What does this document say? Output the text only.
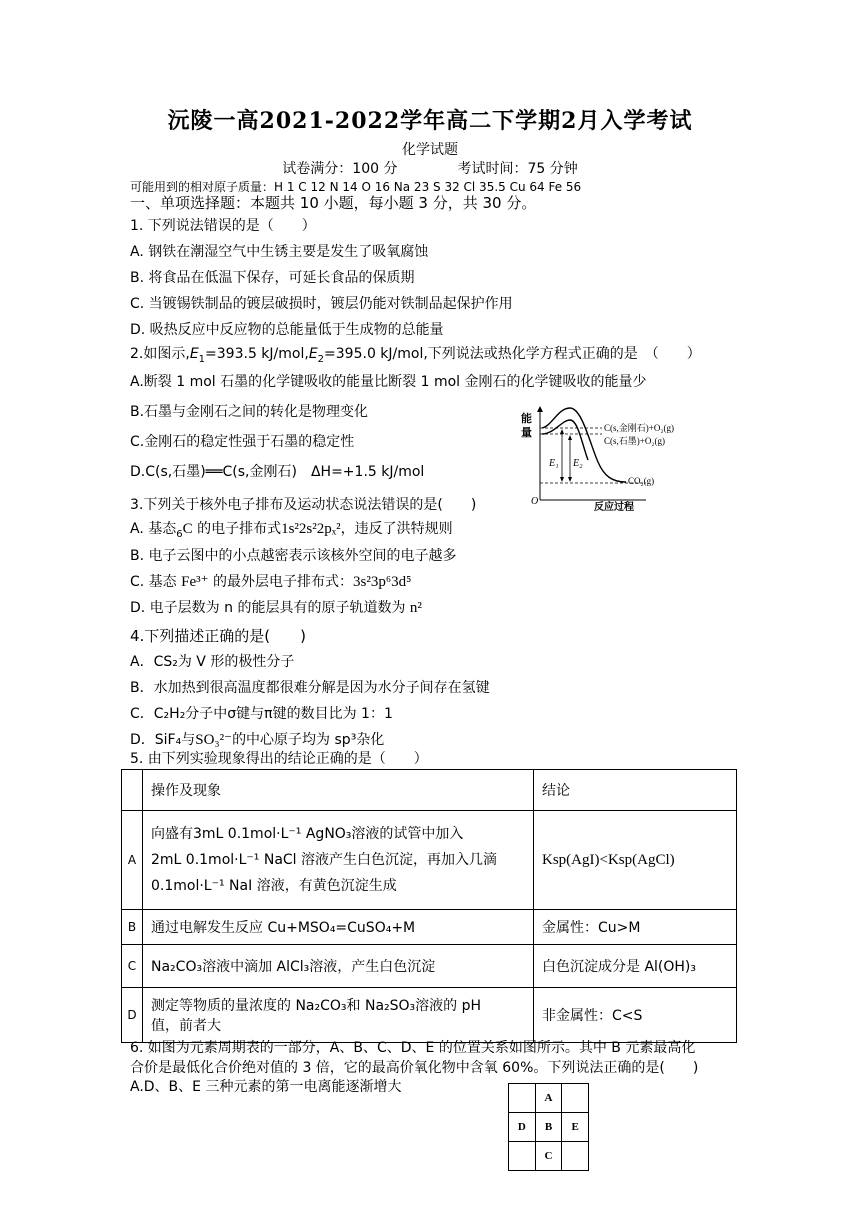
沅陵一高2021-2022学年高二下学期2月入学考试
化学试题
试卷满分：100 分	考试时间：75 分钟
可能用到的相对原子质量：H 1 C 12 N 14 O 16 Na 23 S 32 Cl 35.5 Cu 64 Fe 56
一、单项选择题：本题共 10 小题，每小题 3 分，共 30 分。
1. 下列说法错误的是（　　）
A. 钢铁在潮湿空气中生锈主要是发生了吸氧腐蚀
B. 将食品在低温下保存，可延长食品的保质期
C. 当镀锡铁制品的镀层破损时，镀层仍能对铁制品起保护作用
D. 吸热反应中反应物的总能量低于生成物的总能量
2.如图示$,E_1=393.5$ $kJ/mol,E_2=395.0$ kJ/mol,下列说法或热化学方程式正确的是　（　　）
A.断裂 1 mol 石墨的化学键吸收的能量比断裂 1 mol 金刚石的化学键吸收的能量少
B.石墨与金刚石之间的转化是物理变化
C.金刚石的稳定性强于石墨的稳定性
D.C(s,石墨)══C(s,金刚石)　ΔH=+1.5 kJ/mol
能
量
E₁ E₂
C(s,金刚石)+O₂(g)
C(s,石墨)+O₂(g)
CO₂(g)
O
反应过程
3.下列关于核外电子排布及运动状态说法错误的是(　　)
A. 基态$_6$C 的电子排布式1s²2s²2pₓ²，违反了洪特规则
B. 电子云图中的小点越密表示该核外空间的电子越多
C. 基态 Fe³⁺ 的最外层电子排布式：3s²3p⁶3d⁵
D. 电子层数为 n 的能层具有的原子轨道数为 n²
4.下列描述正确的是(　　)
A．CS₂为 V 形的极性分子
B．水加热到很高温度都很难分解是因为水分子间存在氢键
C．C₂H₂分子中σ键与π键的数目比为 1：1
D．SiF₄与SO₃²⁻的中心原子均为 sp³杂化
5. 由下列实验现象得出的结论正确的是（　　）
	操作及现象	结论
A	向盛有3mL 0.1mol·L⁻¹ AgNO₃溶液的试管中加入
2mL 0.1mol·L⁻¹ NaCl 溶液产生白色沉淀，再加入几滴
0.1mol·L⁻¹ NaI 溶液，有黄色沉淀生成	Ksp(AgI)<Ksp(AgCl)
B	通过电解发生反应 Cu+MSO₄=CuSO₄+M	金属性：Cu>M
C	Na₂CO₃溶液中滴加 AlCl₃溶液，产生白色沉淀	白色沉淀成分是 Al(OH)₃
D	测定等物质的量浓度的 Na₂CO₃和 Na₂SO₃溶液的 pH
值，前者大	非金属性：C<S
6. 如图为元素周期表的一部分，A、B、C、D、E 的位置关系如图所示。其中 B 元素最高化
合价是最低化合价绝对值的 3 倍，它的最高价氧化物中含氧 60%。下列说法正确的是(　　)
A.D、B、E 三种元素的第一电离能逐渐增大
	A	
D	B	E
	C	
